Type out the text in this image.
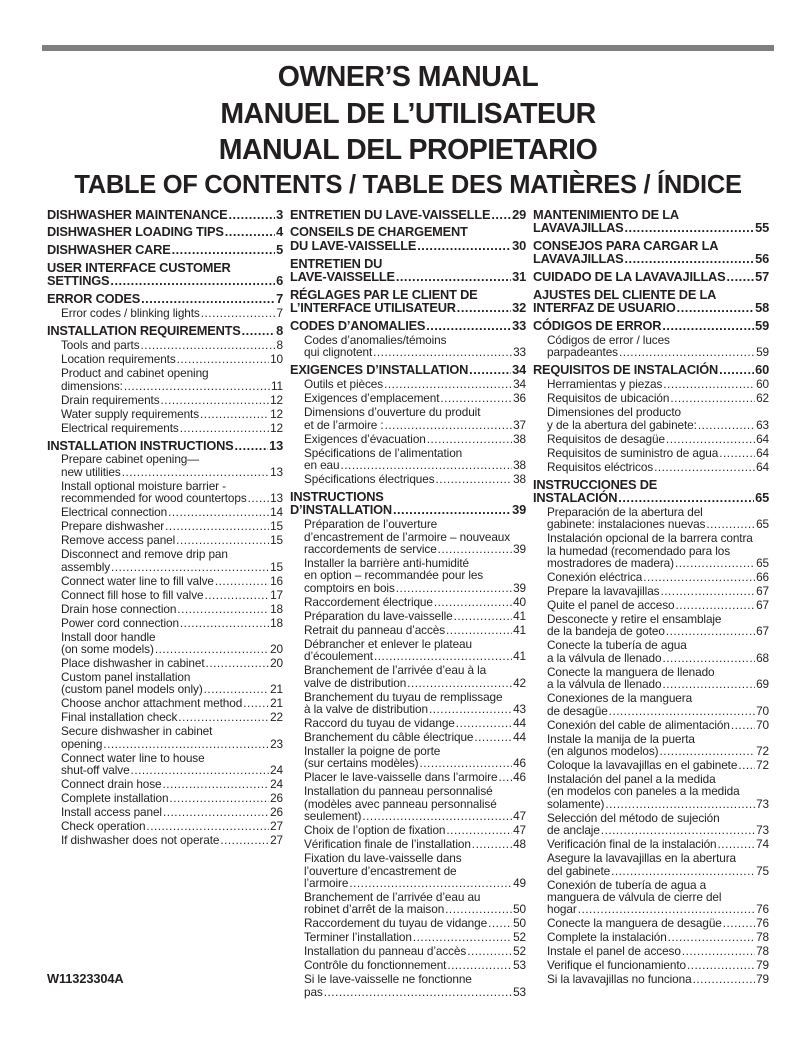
OWNER’S MANUAL
MANUEL DE L’UTILISATEUR
MANUAL DEL PROPIETARIO
TABLE OF CONTENTS / TABLE DES MATIÈRES / ÍNDICE
DISHWASHER MAINTENANCE .....	3
DISHWASHER LOADING TIPS .....	4
DISHWASHER CARE .....	5
USER INTERFACE CUSTOMER
SETTINGS .....	6
ERROR CODES .....	7
Error codes / blinking lights .....	7
INSTALLATION REQUIREMENTS .....	8
Tools and parts .....	8
Location requirements .....	10
Product and cabinet opening
dimensions: .....	11
Drain requirements .....	12
Water supply requirements .....	12
Electrical requirements .....	12
INSTALLATION INSTRUCTIONS .....	13
Prepare cabinet opening—
new utilities .....	13
Install optional moisture barrier -
recommended for wood countertops ..... 13
Electrical connection .....	14
Prepare dishwasher .....	15
Remove access panel .....	15
Disconnect and remove drip pan
assembly .....	15
Connect water line to fill valve .....	16
Connect fill hose to fill valve .....	17
Drain hose connection .....	18
Power cord connection .....	18
Install door handle
(on some models) .....	20
Place dishwasher in cabinet .....	20
Custom panel installation
(custom panel models only) .....	21
Choose anchor attachment method ..... 21
Final installation check .....	22
Secure dishwasher in cabinet
opening .....	23
Connect water line to house
shut-off valve .....	24
Connect drain hose .....	24
Complete installation .....	26
Install access panel .....	26
Check operation .....	27
If dishwasher does not operate .....	27
ENTRETIEN DU LAVE-VAISSELLE ..... 29
CONSEILS DE CHARGEMENT
DU LAVE-VAISSELLE .....	30
ENTRETIEN DU
LAVE-VAISSELLE .....	31
RÉGLAGES PAR LE CLIENT DE
L’INTERFACE UTILISATEUR .....	32
CODES D’ANOMALIES .....	33
Codes d’anomalies/témoins
qui clignotent .....	33
EXIGENCES D’INSTALLATION .....	34
Outils et pièces .....	34
Exigences d’emplacement .....	36
Dimensions d’ouverture du produit
et de l’armoire : .....	37
Exigences d’évacuation .....	38
Spécifications de l’alimentation
en eau .....	38
Spécifications électriques .....	38
INSTRUCTIONS
D’INSTALLATION .....	39
Préparation de l’ouverture
d’encastrement de l’armoire – nouveaux
raccordements de service .....	39
Installer la barrière anti-humidité
en option – recommandée pour les
comptoirs en bois .....	39
Raccordement électrique .....	40
Préparation du lave-vaisselle .....	41
Retrait du panneau d’accès .....	41
Débrancher et enlever le plateau
d’écoulement .....	41
Branchement de l’arrivée d’eau à la
valve de distribution .....	42
Branchement du tuyau de remplissage
à la valve de distribution .....	43
Raccord du tuyau de vidange .....	44
Branchement du câble électrique .....	44
Installer la poigne de porte
(sur certains modèles) .....	46
Placer le lave-vaisselle dans l’armoire ..... 46
Installation du panneau personnalisé
(modèles avec panneau personnalisé
seulement) .....	47
Choix de l’option de fixation .....	47
Vérification finale de l’installation .....	48
Fixation du lave-vaisselle dans
l’ouverture d’encastrement de
l’armoire .....	49
Branchement de l’arrivée d’eau au
robinet d’arrêt de la maison .....	50
Raccordement du tuyau de vidange ..... 50
Terminer l’installation .....	52
Installation du panneau d’accès .....	52
Contrôle du fonctionnement .....	53
Si le lave-vaisselle ne fonctionne
pas .....	53
MANTENIMIENTO DE LA
LAVAVAJILLAS .....	55
CONSEJOS PARA CARGAR LA
LAVAVAJILLAS .....	56
CUIDADO DE LA LAVAVAJILLAS ..... 57
AJUSTES DEL CLIENTE DE LA
INTERFAZ DE USUARIO .....	58
CÓDIGOS DE ERROR .....	59
Códigos de error / luces
parpadeantes .....	59
REQUISITOS DE INSTALACIÓN .....	60
Herramientas y piezas .....	60
Requisitos de ubicación .....	62
Dimensiones del producto
y de la abertura del gabinete: .....	63
Requisitos de desagüe .....	64
Requisitos de suministro de agua .....	64
Requisitos eléctricos .....	64
INSTRUCCIONES DE
INSTALACIÓN .....	65
Preparación de la abertura del
gabinete: instalaciones nuevas .....	65
Instalación opcional de la barrera contra
la humedad (recomendado para los
mostradores de madera) .....	65
Conexión eléctrica .....	66
Prepare la lavavajillas .....	67
Quite el panel de acceso .....	67
Desconecte y retire el ensamblaje
de la bandeja de goteo .....	67
Conecte la tubería de agua
a la válvula de llenado .....	68
Conecte la manguera de llenado
a la válvula de llenado .....	69
Conexiones de la manguera
de desagüe .....	70
Conexión del cable de alimentación ..... 70
Instale la manija de la puerta
(en algunos modelos) .....	72
Coloque la lavavajillas en el gabinete ..... 72
Instalación del panel a la medida
(en modelos con paneles a la medida
solamente) .....	73
Selección del método de sujeción
de anclaje .....	73
Verificación final de la instalación .....	74
Asegure la lavavajillas en la abertura
del gabinete .....	75
Conexión de tubería de agua a
manguera de válvula de cierre del
hogar .....	76
Conecte la manguera de desagüe .....	76
Complete la instalación .....	78
Instale el panel de acceso .....	78
Verifique el funcionamiento .....	79
Si la lavavajillas no funciona .....	79
W11323304A
